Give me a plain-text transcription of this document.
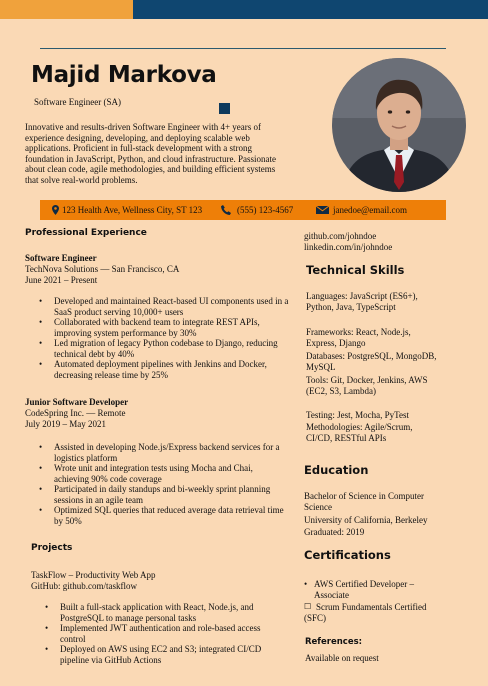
Majid Markova
Software Engineer (SA)
Innovative and results-driven Software Engineer with 4+ years of experience designing, developing, and deploying scalable web applications. Proficient in full-stack development with a strong foundation in JavaScript, Python, and cloud infrastructure. Passionate about clean code, agile methodologies, and building efficient systems that solve real-world problems.
123 Health Ave, Wellness City, ST 123	(555) 123-4567	janedoe@email.com
Professional Experience
Software Engineer
TechNova Solutions — San Francisco, CA
June 2021 – Present
• Developed and maintained React-based UI components used in a SaaS product serving 10,000+ users
• Collaborated with backend team to integrate REST APIs, improving system performance by 30%
• Led migration of legacy Python codebase to Django, reducing technical debt by 40%
• Automated deployment pipelines with Jenkins and Docker, decreasing release time by 25%
Junior Software Developer
CodeSpring Inc. — Remote
July 2019 – May 2021
• Assisted in developing Node.js/Express backend services for a logistics platform
• Wrote unit and integration tests using Mocha and Chai, achieving 90% code coverage
• Participated in daily standups and bi-weekly sprint planning sessions in an agile team
• Optimized SQL queries that reduced average data retrieval time by 50%
Projects
TaskFlow – Productivity Web App
GitHub: github.com/taskflow
• Built a full-stack application with React, Node.js, and PostgreSQL to manage personal tasks
• Implemented JWT authentication and role-based access control
• Deployed on AWS using EC2 and S3; integrated CI/CD pipeline via GitHub Actions
github.com/johndoe
linkedin.com/in/johndoe
Technical Skills
Languages: JavaScript (ES6+), Python, Java, TypeScript
Frameworks: React, Node.js, Express, Django
Databases: PostgreSQL, MongoDB, MySQL
Tools: Git, Docker, Jenkins, AWS (EC2, S3, Lambda)
Testing: Jest, Mocha, PyTest
Methodologies: Agile/Scrum, CI/CD, RESTful APIs
Education
Bachelor of Science in Computer Science
University of California, Berkeley
Graduated: 2019
Certifications
• AWS Certified Developer – Associate
☐ Scrum Fundamentals Certified (SFC)
References:
Available on request
